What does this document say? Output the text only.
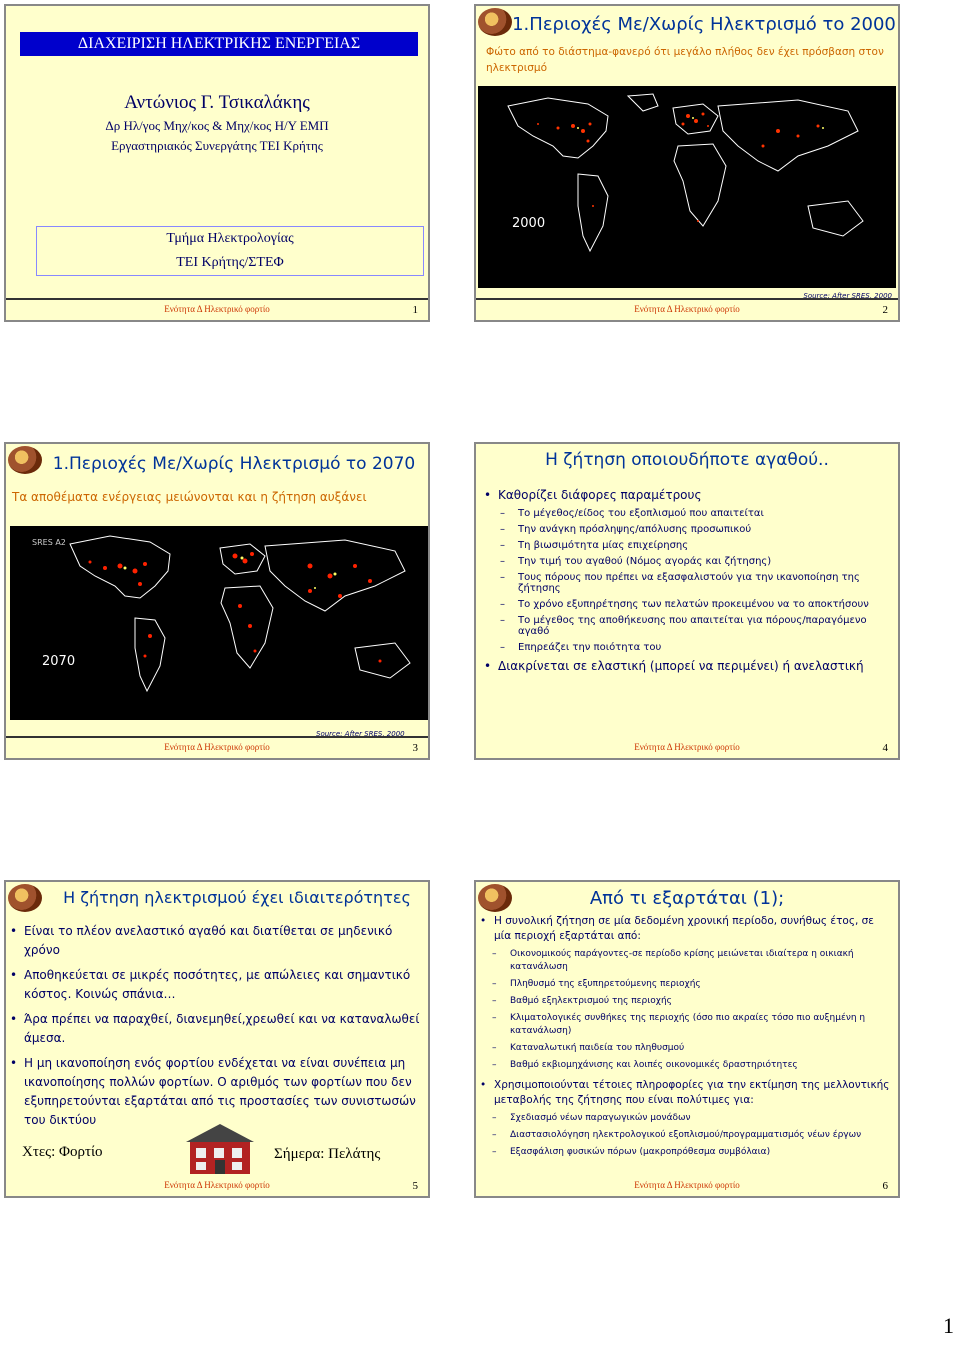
ΔΙΑΧΕΙΡΙΣΗ ΗΛΕΚΤΡΙΚΗΣ ΕΝΕΡΓΕΙΑΣ
Αντώνιος Γ. Τσικαλάκης
Δρ Ηλ/γος Μηχ/κος & Μηχ/κος Η/Υ ΕΜΠ
Εργαστηριακός Συνεργάτης ΤΕΙ Κρήτης
Τμήμα Ηλεκτρολογίας
ΤΕΙ Κρήτης/ΣΤΕΦ
Ενότητα Δ Ηλεκτρικό φορτίο	1
1.Περιοχές Με/Χωρίς Ηλεκτρισμό το 2000
Φώτο από το διάστημα-φανερό ότι μεγάλο πλήθος δεν έχει πρόσβαση στον ηλεκτρισμό
2000
Source: After SRES, 2000
Ενότητα Δ Ηλεκτρικό φορτίο	2
1.Περιοχές Με/Χωρίς Ηλεκτρισμό το 2070
Τα αποθέματα ενέργειας μειώνονται και η ζήτηση αυξάνει
SRES A2
2070
Source: After SRES, 2000
Ενότητα Δ Ηλεκτρικό φορτίο	3
Η ζήτηση οποιουδήποτε αγαθού..
• Καθορίζει διάφορες παραμέτρους
– Το μέγεθος/είδος του εξοπλισμού που απαιτείται
– Την ανάγκη πρόσληψης/απόλυσης προσωπικού
– Τη βιωσιμότητα μίας επιχείρησης
– Την τιμή του αγαθού (Νόμος αγοράς και ζήτησης)
– Τους πόρους που πρέπει να εξασφαλιστούν για την ικανοποίηση της ζήτησης
– Το χρόνο εξυπηρέτησης των πελατών προκειμένου να το αποκτήσουν
– Το μέγεθος της αποθήκευσης που απαιτείται για πόρους/παραγόμενο αγαθό
– Επηρεάζει την ποιότητα του
• Διακρίνεται σε ελαστική (μπορεί να περιμένει) ή ανελαστική
Ενότητα Δ Ηλεκτρικό φορτίο	4
Η ζήτηση ηλεκτρισμού έχει ιδιαιτερότητες
• Είναι το πλέον ανελαστικό αγαθό και διατίθεται σε μηδενικό χρόνο
• Αποθηκεύεται σε μικρές ποσότητες, με απώλειες και σημαντικό κόστος. Κοινώς σπάνια…
• Άρα πρέπει να παραχθεί, διανεμηθεί,χρεωθεί και να καταναλωθεί άμεσα.
• Η μη ικανοποίηση ενός φορτίου ενδέχεται να είναι συνέπεια μη ικανοποίησης πολλών φορτίων. Ο αριθμός των φορτίων που δεν εξυπηρετούνται εξαρτάται από τις προστασίες των συνιστωσών του δικτύου
Χτες: Φορτίο	Σήμερα: Πελάτης
Ενότητα Δ Ηλεκτρικό φορτίο	5
Από τι εξαρτάται (1);
• Η συνολική ζήτηση σε μία δεδομένη χρονική περίοδο, συνήθως έτος, σε μία περιοχή εξαρτάται από:
– Οικονομικούς παράγοντες-σε περίοδο κρίσης μειώνεται ιδιαίτερα η οικιακή κατανάλωση
– Πληθυσμό της εξυπηρετούμενης περιοχής
– Βαθμό εξηλεκτρισμού της περιοχής
– Κλιματολογικές συνθήκες της περιοχής (όσο πιο ακραίες τόσο πιο αυξημένη η κατανάλωση)
– Καταναλωτική παιδεία του πληθυσμού
– Βαθμό εκβιομηχάνισης και λοιπές οικονομικές δραστηριότητες
• Χρησιμοποιούνται τέτοιες πληροφορίες για την εκτίμηση της μελλοντικής μεταβολής της ζήτησης που είναι πολύτιμες για:
– Σχεδιασμό νέων παραγωγικών μονάδων
– Διαστασιολόγηση ηλεκτρολογικού εξοπλισμού/προγραμματισμός νέων έργων
– Εξασφάλιση φυσικών πόρων (μακροπρόθεσμα συμβόλαια)
Ενότητα Δ Ηλεκτρικό φορτίο	6
1
